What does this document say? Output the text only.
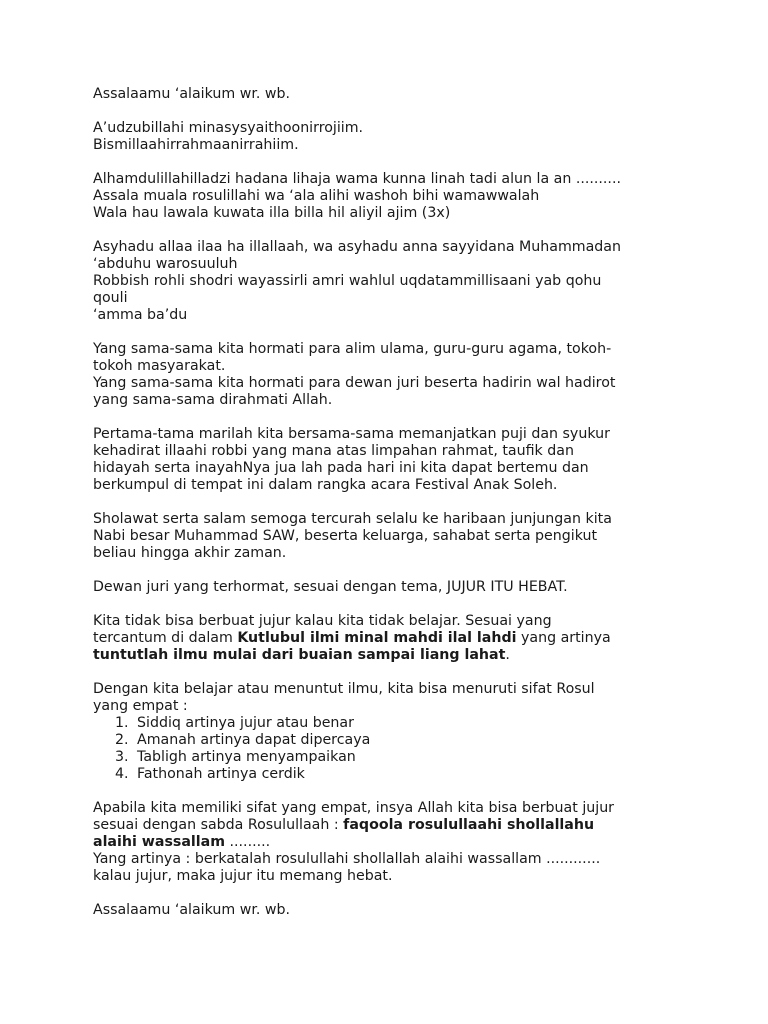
Assalaamu ‘alaikum wr. wb.
A’udzubillahi minasysyaithoonirrojiim.
Bismillaahirrahmaanirrahiim.
Alhamdulillahilladzi hadana lihaja wama kunna linah tadi alun la an ..........
Assala muala rosulillahi wa ‘ala alihi washoh bihi wamawwalah
Wala hau lawala kuwata illa billa hil aliyil ajim (3x)
Asyhadu allaa ilaa ha illallaah, wa asyhadu anna sayyidana Muhammadan
‘abduhu warosuuluh
Robbish rohli shodri wayassirli amri wahlul uqdatammillisaani yab qohu
qouli
‘amma ba’du
Yang sama-sama kita hormati para alim ulama, guru-guru agama, tokoh-
tokoh masyarakat.
Yang sama-sama kita hormati para dewan juri beserta hadirin wal hadirot
yang sama-sama dirahmati Allah.
Pertama-tama marilah kita bersama-sama memanjatkan puji dan syukur
kehadirat illaahi robbi yang mana atas limpahan rahmat, taufik dan
hidayah serta inayahNya jua lah pada hari ini kita dapat bertemu dan
berkumpul di tempat ini dalam rangka acara Festival Anak Soleh.
Sholawat serta salam semoga tercurah selalu ke haribaan junjungan kita
Nabi besar Muhammad SAW, beserta keluarga, sahabat serta pengikut
beliau hingga akhir zaman.
Dewan juri yang terhormat, sesuai dengan tema, JUJUR ITU HEBAT.
Kita tidak bisa berbuat jujur kalau kita tidak belajar. Sesuai yang
tercantum di dalam Kutlubul ilmi minal mahdi ilal lahdi yang artinya
tuntutlah ilmu mulai dari buaian sampai liang lahat.
Dengan kita belajar atau menuntut ilmu, kita bisa menuruti sifat Rosul
yang empat :
1. Siddiq artinya jujur atau benar
2. Amanah artinya dapat dipercaya
3. Tabligh artinya menyampaikan
4. Fathonah artinya cerdik
Apabila kita memiliki sifat yang empat, insya Allah kita bisa berbuat jujur
sesuai dengan sabda Rosulullaah : faqoola rosulullaahi shollallahu
alaihi wassallam .........
Yang artinya : berkatalah rosulullahi shollallah alaihi wassallam ............
kalau jujur, maka jujur itu memang hebat.
Assalaamu ‘alaikum wr. wb.
